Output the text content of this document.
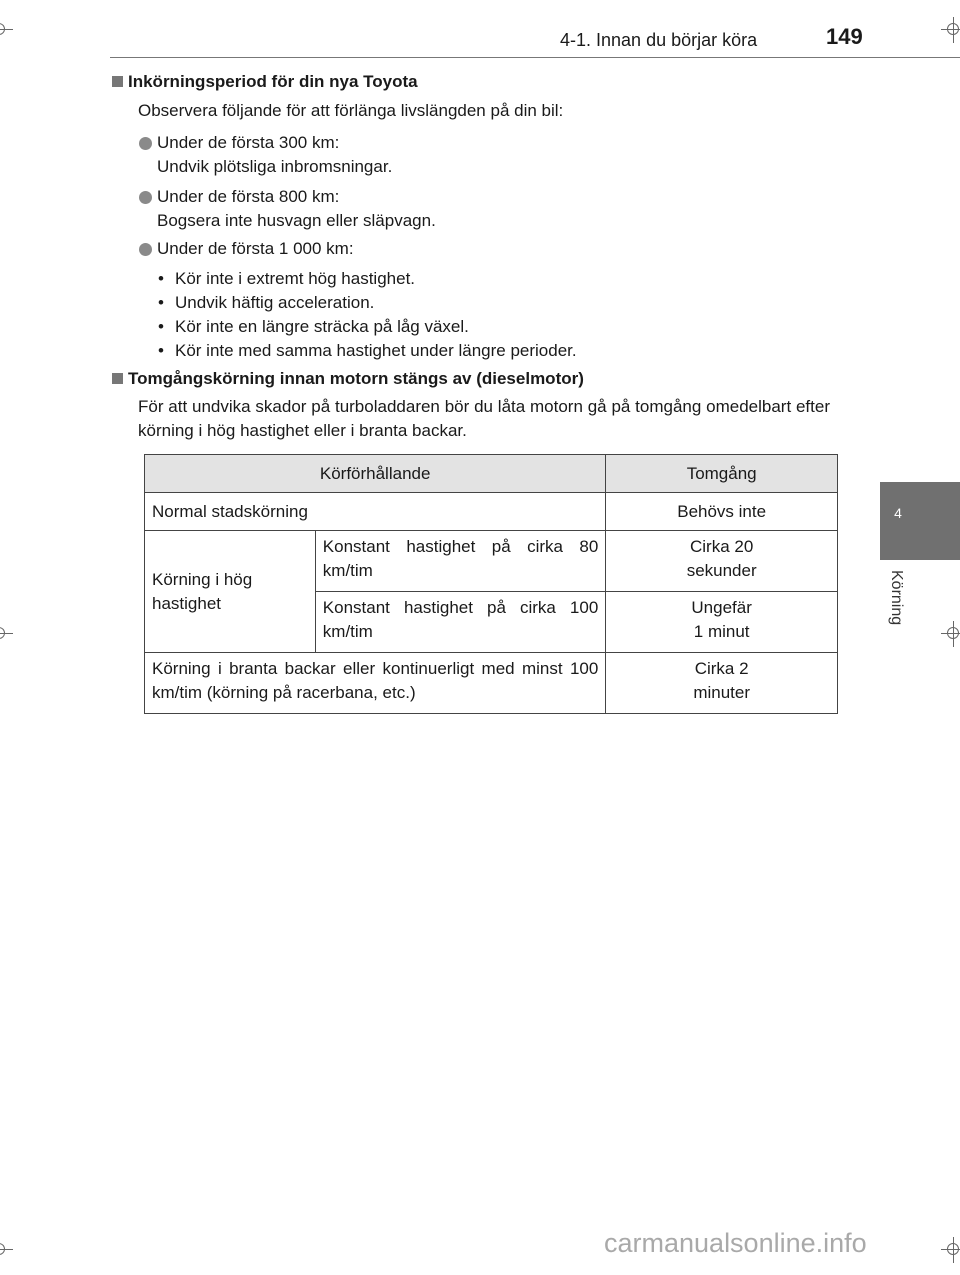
4-1. Innan du börjar köra	149
4
Körning
Inkörningsperiod för din nya Toyota
Observera följande för att förlänga livslängden på din bil:
Under de första 300 km:
Undvik plötsliga inbromsningar.
Under de första 800 km:
Bogsera inte husvagn eller släpvagn.
Under de första 1 000 km:
• Kör inte i extremt hög hastighet.
• Undvik häftig acceleration.
• Kör inte en längre sträcka på låg växel.
• Kör inte med samma hastighet under längre perioder.
Tomgångskörning innan motorn stängs av (dieselmotor)
För att undvika skador på turboladdaren bör du låta motorn gå på tomgång omedelbart efter körning i hög hastighet eller i branta backar.
Körförhållande		Tomgång
Normal stadskörning		Behövs inte
Körning i hög hastighet	Konstant hastighet på cirka 80 km/tim	Cirka 20
sekunder
	Konstant hastighet på cirka 100 km/tim	Ungefär
1 minut
Körning i branta backar eller kontinuerligt med minst 100 km/tim (körning på racerbana, etc.)		Cirka 2
minuter
carmanualsonline.info
